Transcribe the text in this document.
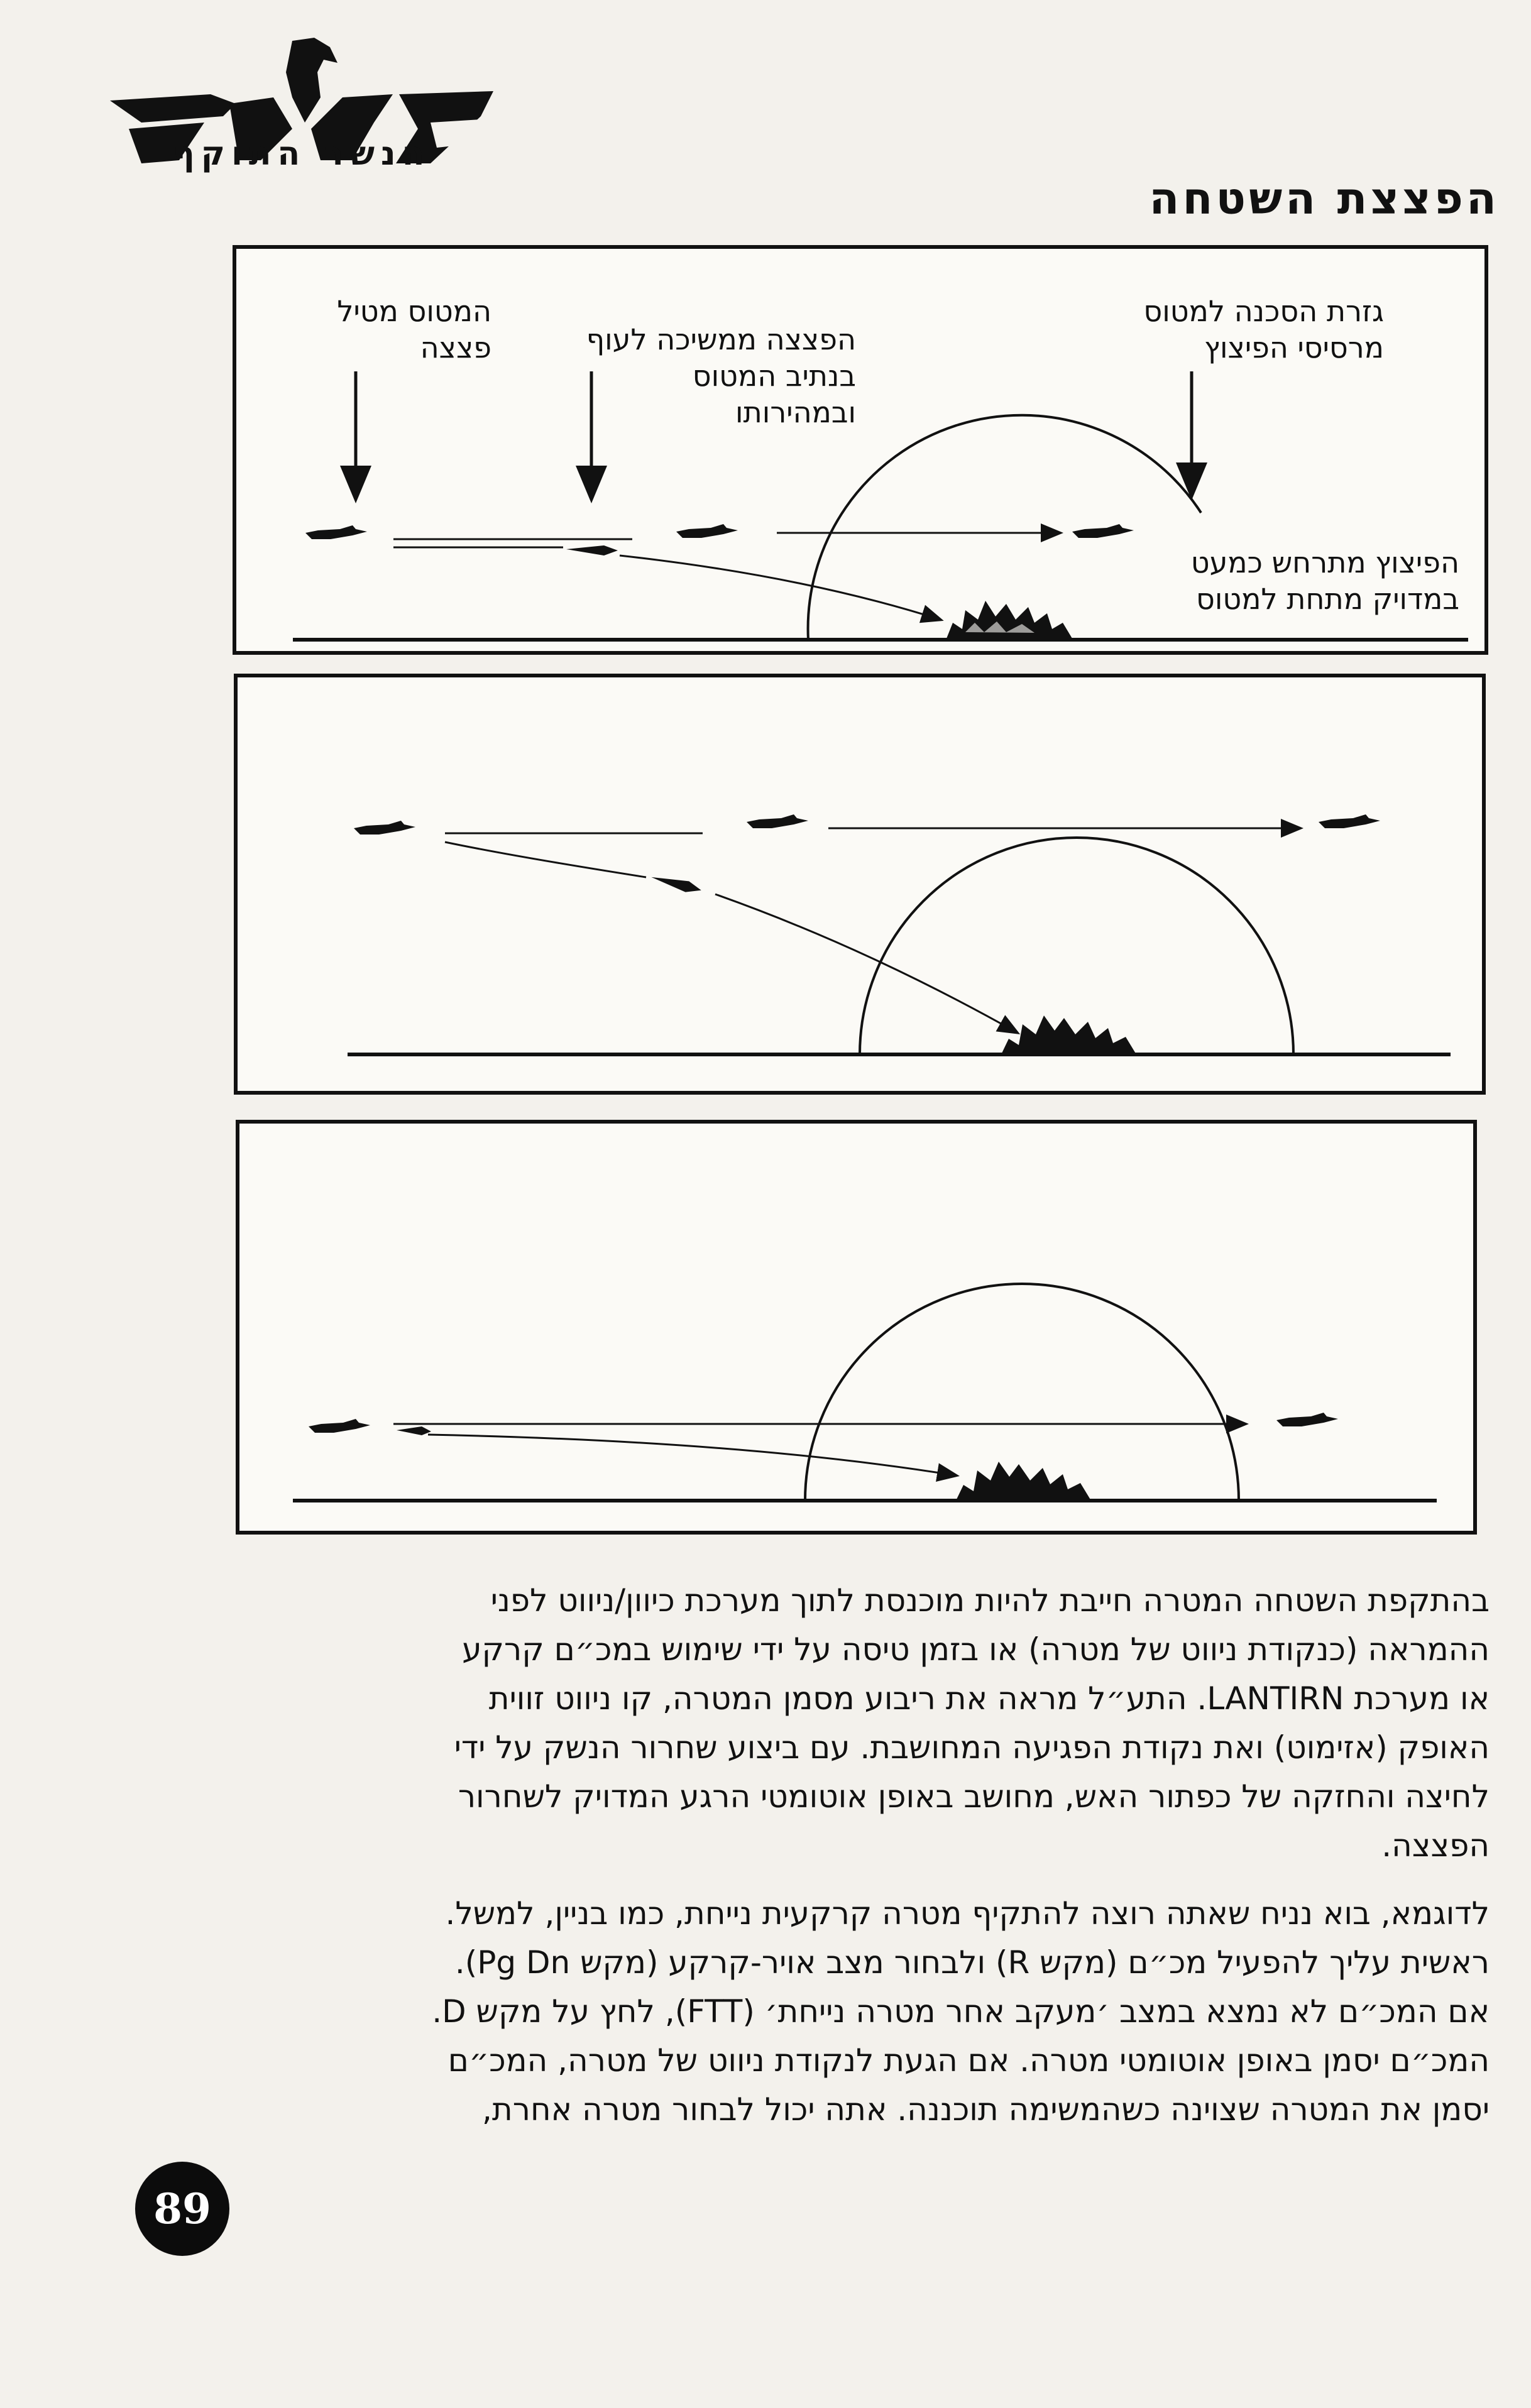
הנשר התוקף
הפצצת השטחה
המטוס מטיל
פצצה	הפצצה ממשיכה לעוף
בנתיב המטוס
ובמהירותו
גזרת הסכנה למטוס
מרסיסי הפיצוץ
הפיצוץ מתרחש כמעט
במדויק מתחת למטוס

בהתקפת השטחה המטרה חייבת להיות מוכנסת לתוך מערכת כיוון/ניווט לפני

ההמראה (כנקודת ניווט של מטרה) או בזמן טיסה על ידי שימוש במכ״ם קרקע

או מערכת LANTIRN. התע״ל מראה את ריבוע מסמן המטרה, קו ניווט זווית

האופק (אזימוט) ואת נקודת הפגיעה המחושבת. עם ביצוע שחרור הנשק על ידי

לחיצה והחזקה של כפתור האש, מחושב באופן אוטומטי הרגע המדויק לשחרור

הפצצה.

לדוגמא, בוא נניח שאתה רוצה להתקיף מטרה קרקעית נייחת, כמו בניין, למשל.

ראשית עליך להפעיל מכ״ם (מקש R) ולבחור מצב אויר-קרקע (מקש Pg Dn).

אם המכ״ם לא נמצא במצב ׳מעקב אחר מטרה נייחת׳ (FTT), לחץ על מקש D.

המכ״ם יסמן באופן אוטומטי מטרה. אם הגעת לנקודת ניווט של מטרה, המכ״ם

יסמן את המטרה שצוינה כשהמשימה תוכננה. אתה יכול לבחור מטרה אחרת,

89
